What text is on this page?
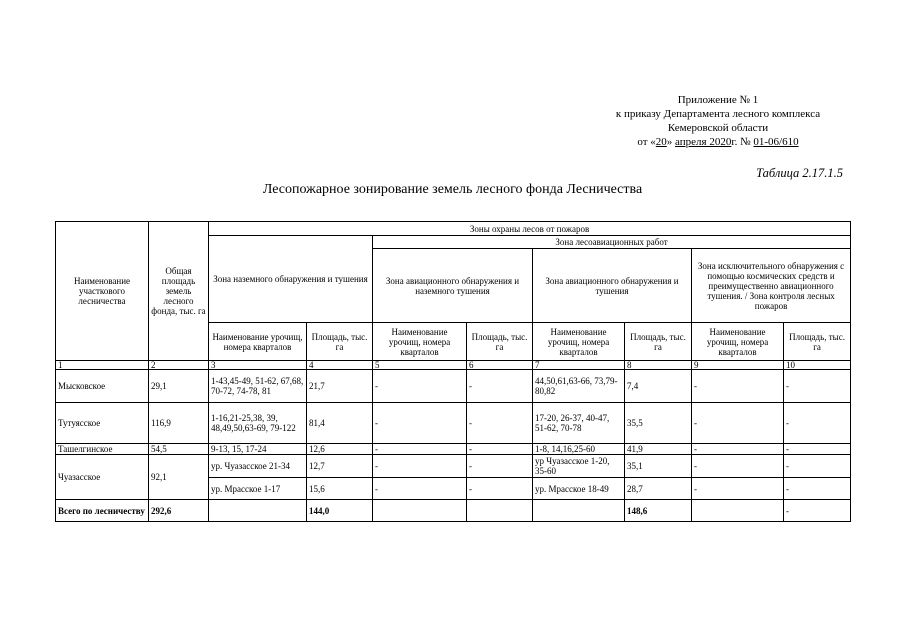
Приложение № 1
к приказу Департамента лесного комплекса
Кемеровской области
от «20» апреля 2020г. № 01-06/610
Таблица 2.17.1.5
Лесопожарное зонирование земель лесного фонда Лесничества
Наименование участкового лесничества	Общая площадь земель лесного фонда, тыс. га	Зоны охраны лесов от пожаров							
		Зона наземного обнаружения и тушения		Зона лесоавиационных работ					
				Зона авиационного обнаружения и наземного тушения		Зона авиационного обнаружения и тушения		Зона исключительного обнаружения с помощью космических средств и преимущественно авиационного тушения. / Зона контроля лесных пожаров	
		Наименование урочищ, номера кварталов	Площадь, тыс. га	Наименование урочищ, номера кварталов	Площадь, тыс. га	Наименование урочищ, номера кварталов	Площадь, тыс. га	Наименование урочищ, номера кварталов	Площадь, тыс. га
1	2	3	4	5	6	7	8	9	10
Мысковское	29,1	1-43,45-49, 51-62, 67,68, 70-72, 74-78, 81	21,7	-	-	44,50,61,63-66, 73,79-80,82	7,4	-	-
Тутуясское	116,9	1-16,21-25,38, 39, 48,49,50,63-69, 79-122	81,4	-	-	17-20, 26-37, 40-47, 51-62, 70-78	35,5	-	-
Ташелгинское	54,5	9-13, 15, 17-24	12,6	-	-	1-8, 14,16,25-60	41,9	-	-
Чуазасское	92,1	ур. Чуазасское 21-34	12,7	-	-	ур Чуазасское 1-20, 35-60	35,1	-	-
		ур. Мрасское 1-17	15,6	-	-	ур. Мрасское 18-49	28,7	-	-
Всего по лесничеству	292,6		144,0				148,6		-
